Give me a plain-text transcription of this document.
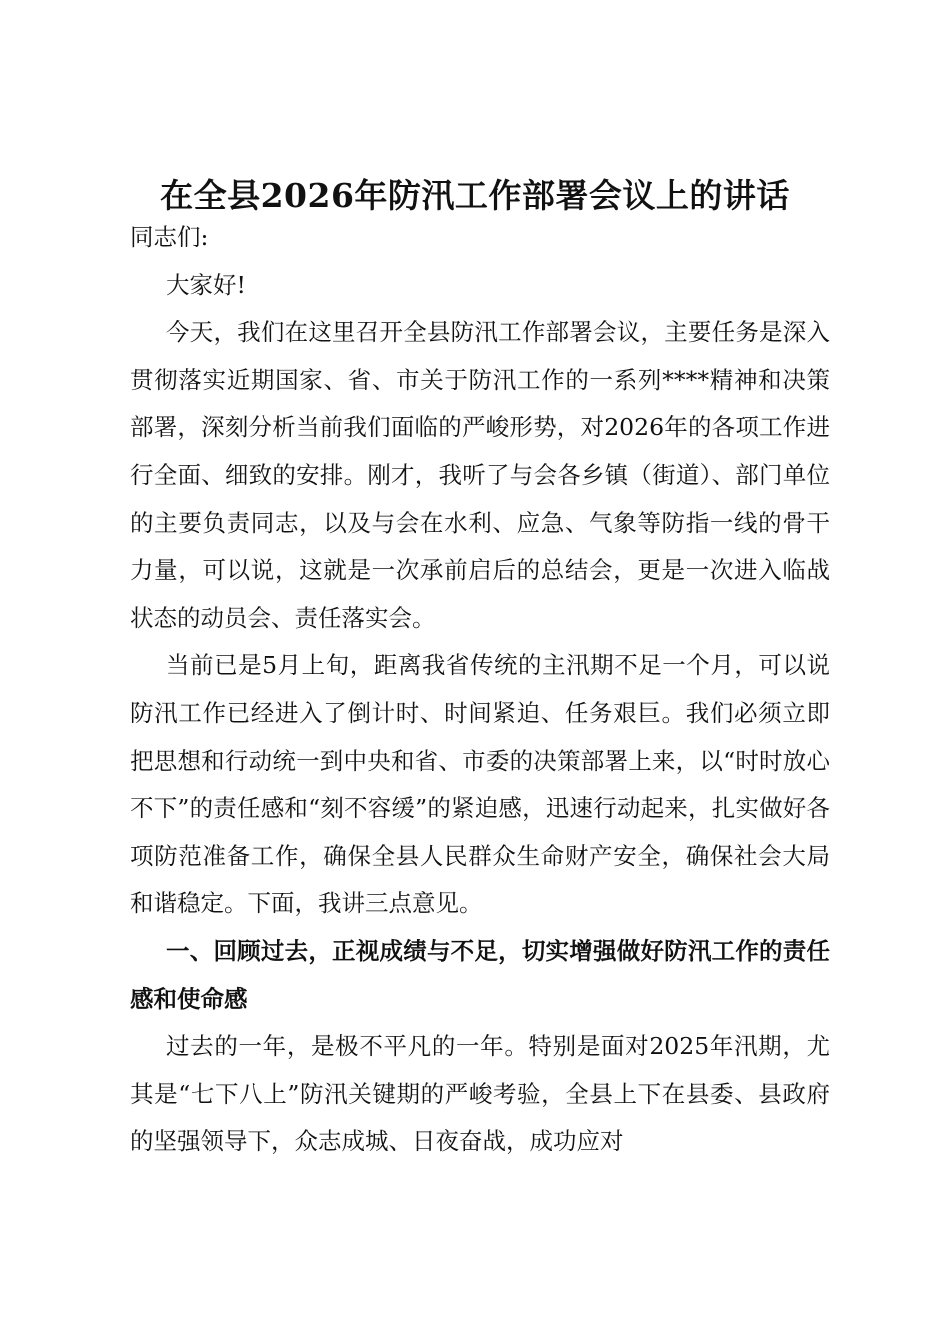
在全县2026年防汛工作部署会议上的讲话

同志们:

大家好!

今天，我们在这里召开全县防汛工作部署会议，主要任务是深入贯彻落实近期国家、省、市关于防汛工作的一系列****精神和决策部署，深刻分析当前我们面临的严峻形势，对2026年的各项工作进行全面、细致的安排。刚才，我听了与会各乡镇（街道）、部门单位的主要负责同志，以及与会在水利、应急、气象等防指一线的骨干力量，可以说，这就是一次承前启后的总结会，更是一次进入临战状态的动员会、责任落实会。

当前已是5月上旬，距离我省传统的主汛期不足一个月，可以说防汛工作已经进入了倒计时、时间紧迫、任务艰巨。我们必须立即把思想和行动统一到中央和省、市委的决策部署上来，以“时时放心不下”的责任感和“刻不容缓”的紧迫感，迅速行动起来，扎实做好各项防范准备工作，确保全县人民群众生命财产安全，确保社会大局和谐稳定。下面，我讲三点意见。

一、回顾过去，正视成绩与不足，切实增强做好防汛工作的责任感和使命感

过去的一年，是极不平凡的一年。特别是面对2025年汛期，尤其是“七下八上”防汛关键期的严峻考验，全县上下在县委、县政府的坚强领导下，众志成城、日夜奋战，成功应对
